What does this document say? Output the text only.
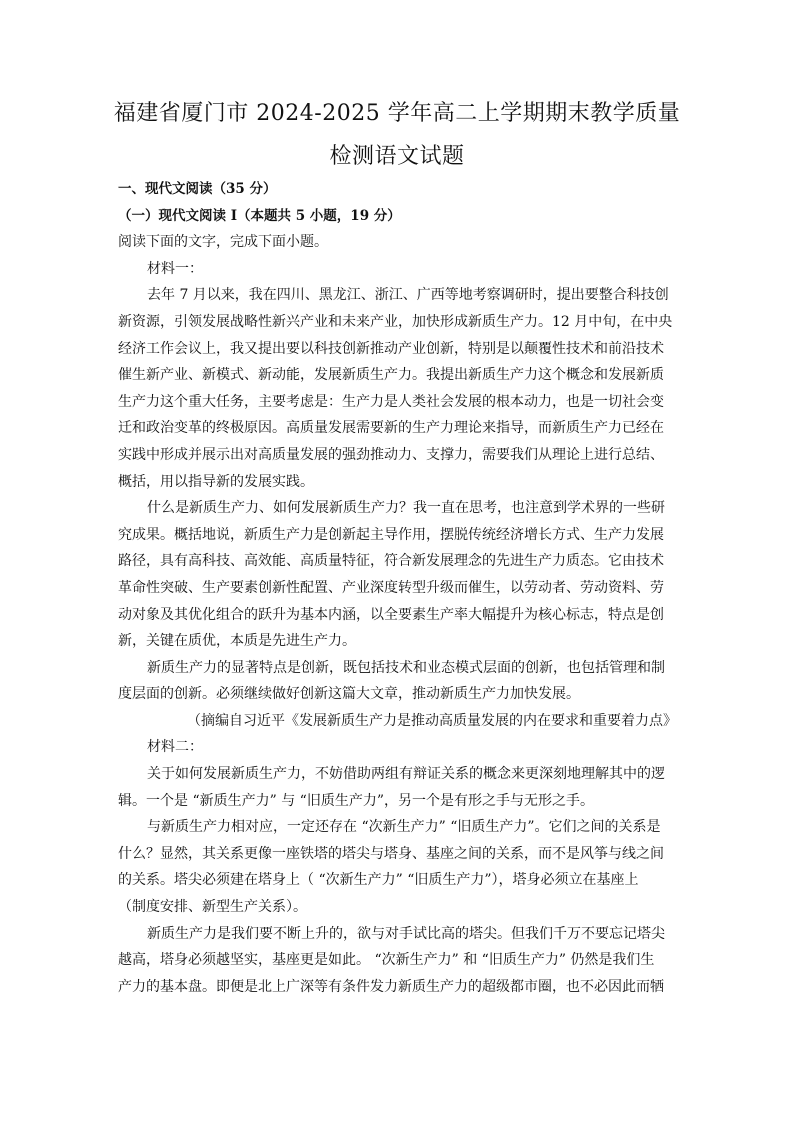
福建省厦门市 2024-2025 学年高二上学期期末教学质量
检测语文试题
一、现代文阅读（35 分）
（一）现代文阅读 I（本题共 5 小题，19 分）
阅读下面的文字，完成下面小题。
材料一：
去年 7 月以来，我在四川、黑龙江、浙江、广西等地考察调研时，提出要整合科技创
新资源，引领发展战略性新兴产业和未来产业，加快形成新质生产力。12 月中旬，在中央
经济工作会议上，我又提出要以科技创新推动产业创新，特别是以颠覆性技术和前沿技术
催生新产业、新模式、新动能，发展新质生产力。我提出新质生产力这个概念和发展新质
生产力这个重大任务，主要考虑是：生产力是人类社会发展的根本动力，也是一切社会变
迁和政治变革的终极原因。高质量发展需要新的生产力理论来指导，而新质生产力已经在
实践中形成并展示出对高质量发展的强劲推动力、支撑力，需要我们从理论上进行总结、
概括，用以指导新的发展实践。
什么是新质生产力、如何发展新质生产力？我一直在思考，也注意到学术界的一些研
究成果。概括地说，新质生产力是创新起主导作用，摆脱传统经济增长方式、生产力发展
路径，具有高科技、高效能、高质量特征，符合新发展理念的先进生产力质态。它由技术
革命性突破、生产要素创新性配置、产业深度转型升级而催生，以劳动者、劳动资料、劳
动对象及其优化组合的跃升为基本内涵，以全要素生产率大幅提升为核心标志，特点是创
新，关键在质优，本质是先进生产力。
新质生产力的显著特点是创新，既包括技术和业态模式层面的创新，也包括管理和制
度层面的创新。必须继续做好创新这篇大文章，推动新质生产力加快发展。
（摘编自习近平《发展新质生产力是推动高质量发展的内在要求和重要着力点》
材料二：
关于如何发展新质生产力，不妨借助两组有辩证关系的概念来更深刻地理解其中的逻
辑。一个是 “新质生产力” 与 “旧质生产力”，另一个是有形之手与无形之手。
与新质生产力相对应，一定还存在 “次新生产力” “旧质生产力”。它们之间的关系是
什么？显然，其关系更像一座铁塔的塔尖与塔身、基座之间的关系，而不是风筝与线之间
的关系。塔尖必须建在塔身上（ “次新生产力” “旧质生产力”），塔身必须立在基座上
（制度安排、新型生产关系）。
新质生产力是我们要不断上升的，欲与对手试比高的塔尖。但我们千万不要忘记塔尖
越高，塔身必须越坚实，基座更是如此。 “次新生产力” 和 “旧质生产力” 仍然是我们生
产力的基本盘。即便是北上广深等有条件发力新质生产力的超级都市圈，也不必因此而牺
